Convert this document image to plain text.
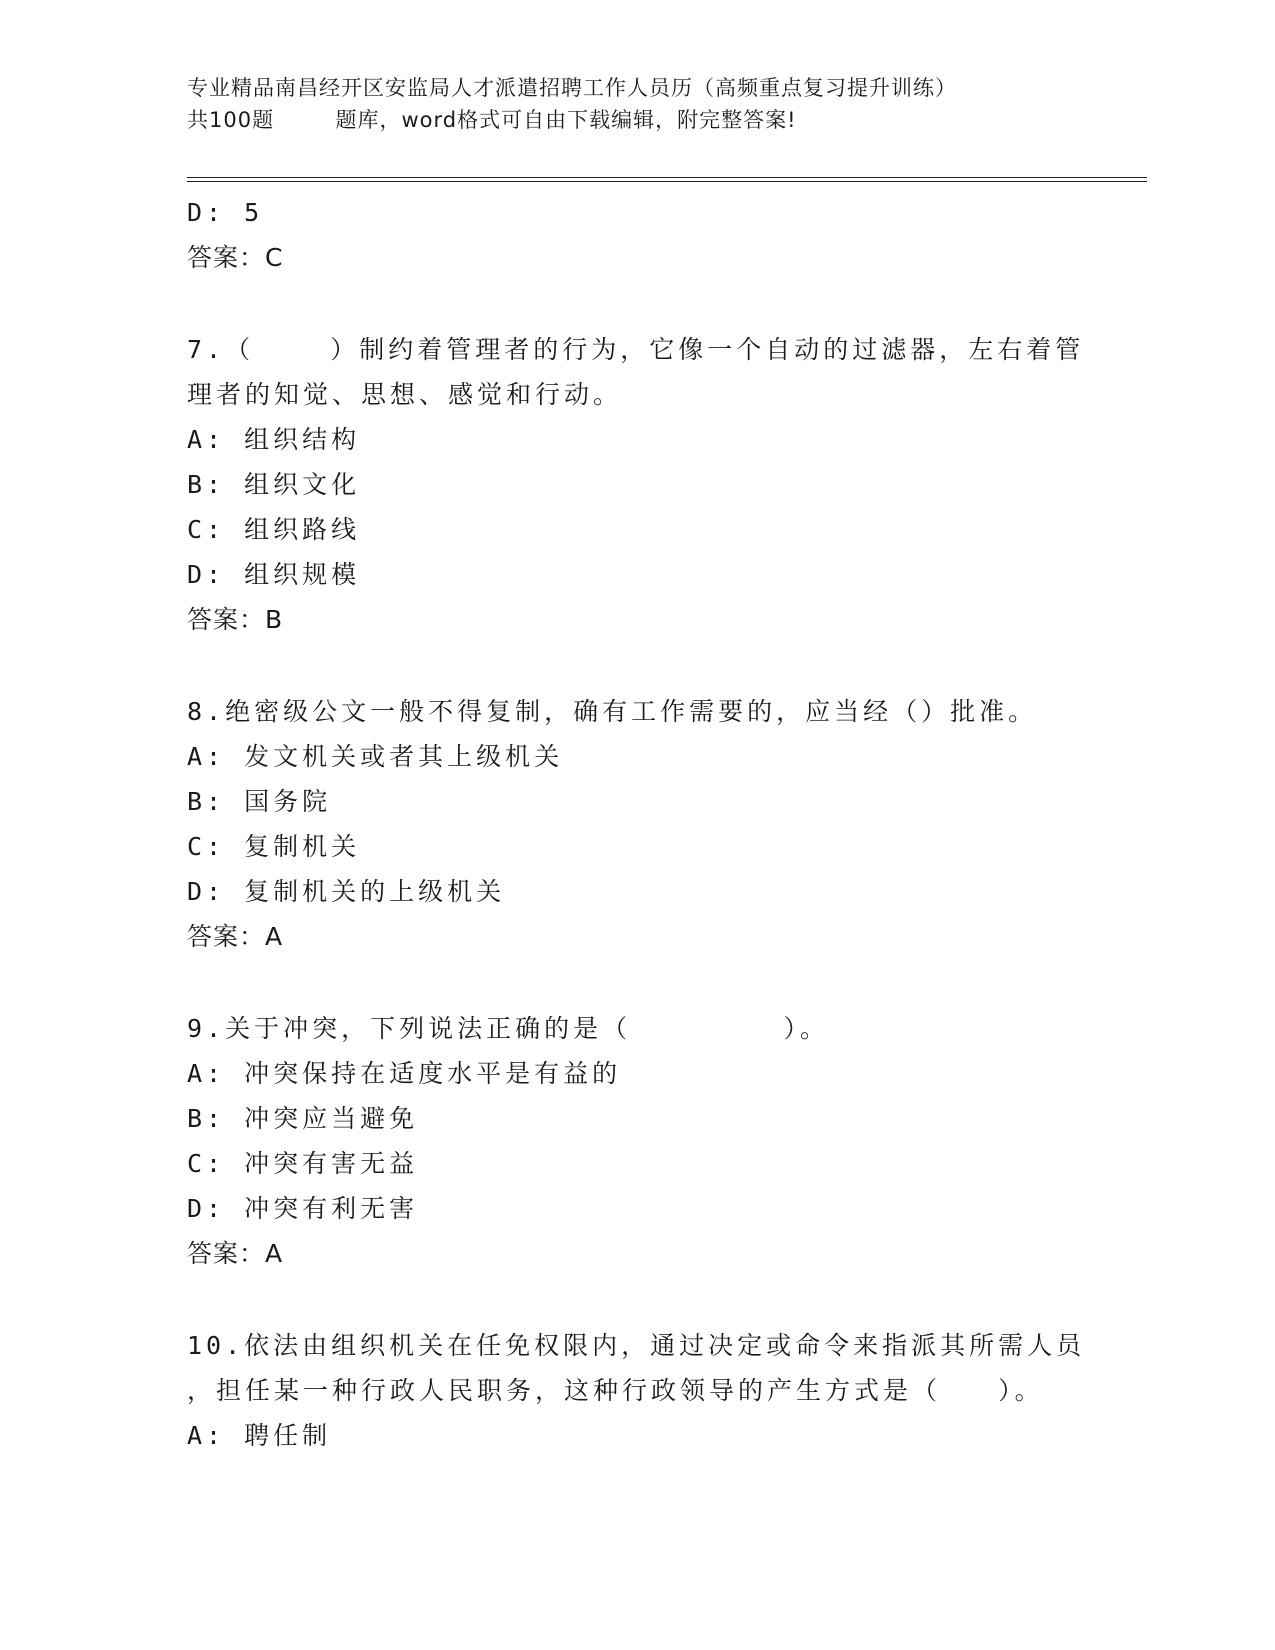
专业精品南昌经开区安监局人才派遣招聘工作人员历（高频重点复习提升训练）
共100题        题库，word格式可自由下载编辑，附完整答案!
D: 5
答案：C
7.（    ）制约着管理者的行为，它像一个自动的过滤器，左右着管
理者的知觉、思想、感觉和行动。
A: 组织结构
B: 组织文化
C: 组织路线
D: 组织规模
答案：B
8.绝密级公文一般不得复制，确有工作需要的，应当经（）批准。
A: 发文机关或者其上级机关
B: 国务院
C: 复制机关
D: 复制机关的上级机关
答案：A
9.关于冲突，下列说法正确的是（        ）。
A: 冲突保持在适度水平是有益的
B: 冲突应当避免
C: 冲突有害无益
D: 冲突有利无害
答案：A
10.依法由组织机关在任免权限内，通过决定或命令来指派其所需人员
，担任某一种行政人民职务，这种行政领导的产生方式是（   ）。
A: 聘任制
